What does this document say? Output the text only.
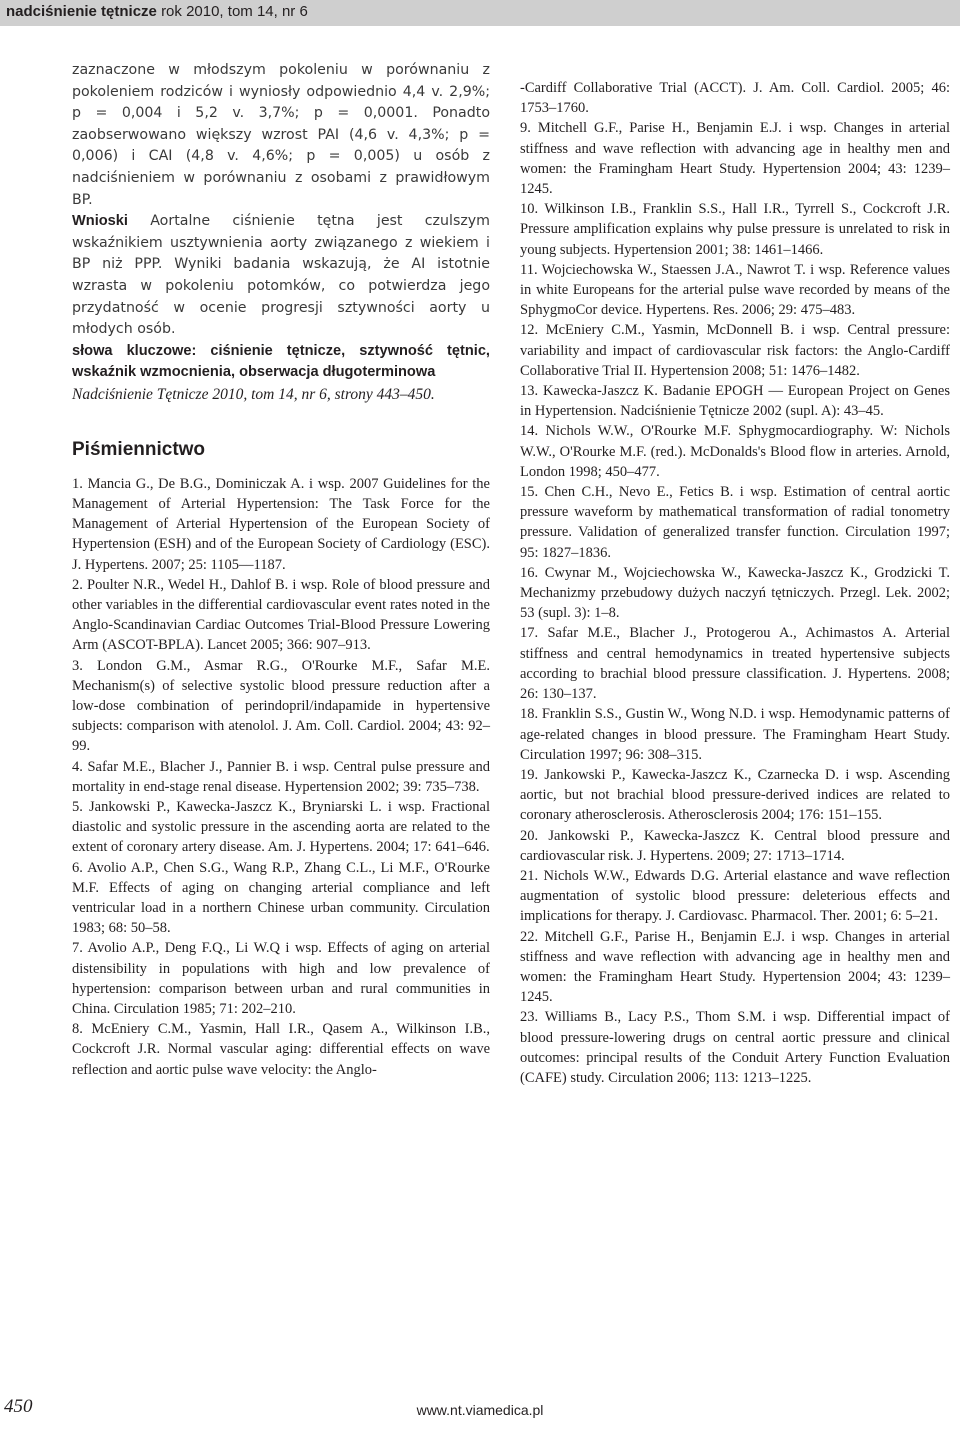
nadciśnienie tętnicze rok 2010, tom 14, nr 6

zaznaczone w młodszym pokoleniu w porównaniu z pokoleniem rodziców i wyniosły odpowiednio 4,4 v. 2,9%; p = 0,004 i 5,2 v. 3,7%; p = 0,0001. Ponadto zaobserwowano większy wzrost PAI (4,6 v. 4,3%; p = 0,006) i CAI (4,8 v. 4,6%; p = 0,005) u osób z nadciśnieniem w porównaniu z osobami z prawidłowym BP.

Wnioski Aortalne ciśnienie tętna jest czulszym wskaźnikiem usztywnienia aorty związanego z wiekiem i BP niż PPP. Wyniki badania wskazują, że AI istotnie wzrasta w pokoleniu potomków, co potwierdza jego przydatność w ocenie progresji sztywności aorty u młodych osób.

słowa kluczowe: ciśnienie tętnicze, sztywność tętnic, wskaźnik wzmocnienia, obserwacja długoterminowa

Nadciśnienie Tętnicze 2010, tom 14, nr 6, strony 443–450.

Piśmiennictwo
1. Mancia G., De B.G., Dominiczak A. i wsp. 2007 Guidelines for the Management of Arterial Hypertension: The Task Force for the Management of Arterial Hypertension of the European Society of Hypertension (ESH) and of the European Society of Cardiology (ESC). J. Hypertens. 2007; 25: 1105––1187.
2. Poulter N.R., Wedel H., Dahlof B. i wsp. Role of blood pressure and other variables in the differential cardiovascular event rates noted in the Anglo-Scandinavian Cardiac Outcomes Trial-Blood Pressure Lowering Arm (ASCOT-BPLA). Lancet 2005; 366: 907–913.
3. London G.M., Asmar R.G., O'Rourke M.F., Safar M.E. Mechanism(s) of selective systolic blood pressure reduction after a low-dose combination of perindopril/indapamide in hypertensive subjects: comparison with atenolol. J. Am. Coll. Cardiol. 2004; 43: 92–99.
4. Safar M.E., Blacher J., Pannier B. i wsp. Central pulse pressure and mortality in end-stage renal disease. Hypertension 2002; 39: 735–738.
5. Jankowski P., Kawecka-Jaszcz K., Bryniarski L. i wsp. Fractional diastolic and systolic pressure in the ascending aorta are related to the extent of coronary artery disease. Am. J. Hypertens. 2004; 17: 641–646.
6. Avolio A.P., Chen S.G., Wang R.P., Zhang C.L., Li M.F., O'Rourke M.F. Effects of aging on changing arterial compliance and left ventricular load in a northern Chinese urban community. Circulation 1983; 68: 50–58.
7. Avolio A.P., Deng F.Q., Li W.Q i wsp. Effects of aging on arterial distensibility in populations with high and low prevalence of hypertension: comparison between urban and rural communities in China. Circulation 1985; 71: 202–210.
8. McEniery C.M., Yasmin, Hall I.R., Qasem A., Wilkinson I.B., Cockcroft J.R. Normal vascular aging: differential effects on wave reflection and aortic pulse wave velocity: the Anglo-
-Cardiff Collaborative Trial (ACCT). J. Am. Coll. Cardiol. 2005; 46: 1753–1760.
9. Mitchell G.F., Parise H., Benjamin E.J. i wsp. Changes in arterial stiffness and wave reflection with advancing age in healthy men and women: the Framingham Heart Study. Hypertension 2004; 43: 1239–1245.
10. Wilkinson I.B., Franklin S.S., Hall I.R., Tyrrell S., Cockcroft J.R. Pressure amplification explains why pulse pressure is unrelated to risk in young subjects. Hypertension 2001; 38: 1461–1466.
11. Wojciechowska W., Staessen J.A., Nawrot T. i wsp. Reference values in white Europeans for the arterial pulse wave recorded by means of the SphygmoCor device. Hypertens. Res. 2006; 29: 475–483.
12. McEniery C.M., Yasmin, McDonnell B. i wsp. Central pressure: variability and impact of cardiovascular risk factors: the Anglo-Cardiff Collaborative Trial II. Hypertension 2008; 51: 1476–1482.
13. Kawecka-Jaszcz K. Badanie EPOGH — European Project on Genes in Hypertension. Nadciśnienie Tętnicze 2002 (supl. A): 43–45.
14. Nichols W.W., O'Rourke M.F. Sphygmocardiography. W: Nichols W.W., O'Rourke M.F. (red.). McDonalds's Blood flow in arteries. Arnold, London 1998; 450–477.
15. Chen C.H., Nevo E., Fetics B. i wsp. Estimation of central aortic pressure waveform by mathematical transformation of radial tonometry pressure. Validation of generalized transfer function. Circulation 1997; 95: 1827–1836.
16. Cwynar M., Wojciechowska W., Kawecka-Jaszcz K., Grodzicki T. Mechanizmy przebudowy dużych naczyń tętniczych. Przegl. Lek. 2002; 53 (supl. 3): 1–8.
17. Safar M.E., Blacher J., Protogerou A., Achimastos A. Arterial stiffness and central hemodynamics in treated hypertensive subjects according to brachial blood pressure classification. J. Hypertens. 2008; 26: 130–137.
18. Franklin S.S., Gustin W., Wong N.D. i wsp. Hemodynamic patterns of age-related changes in blood pressure. The Framingham Heart Study. Circulation 1997; 96: 308–315.
19. Jankowski P., Kawecka-Jaszcz K., Czarnecka D. i wsp. Ascending aortic, but not brachial blood pressure-derived indices are related to coronary atherosclerosis. Atherosclerosis 2004; 176: 151–155.
20. Jankowski P., Kawecka-Jaszcz K. Central blood pressure and cardiovascular risk. J. Hypertens. 2009; 27: 1713–1714.
21. Nichols W.W., Edwards D.G. Arterial elastance and wave reflection augmentation of systolic blood pressure: deleterious effects and implications for therapy. J. Cardiovasc. Pharmacol. Ther. 2001; 6: 5–21.
22. Mitchell G.F., Parise H., Benjamin E.J. i wsp. Changes in arterial stiffness and wave reflection with advancing age in healthy men and women: the Framingham Heart Study. Hypertension 2004; 43: 1239–1245.
23. Williams B., Lacy P.S., Thom S.M. i wsp. Differential impact of blood pressure-lowering drugs on central aortic pressure and clinical outcomes: principal results of the Conduit Artery Function Evaluation (CAFE) study. Circulation 2006; 113: 1213–1225.
450	www.nt.viamedica.pl
